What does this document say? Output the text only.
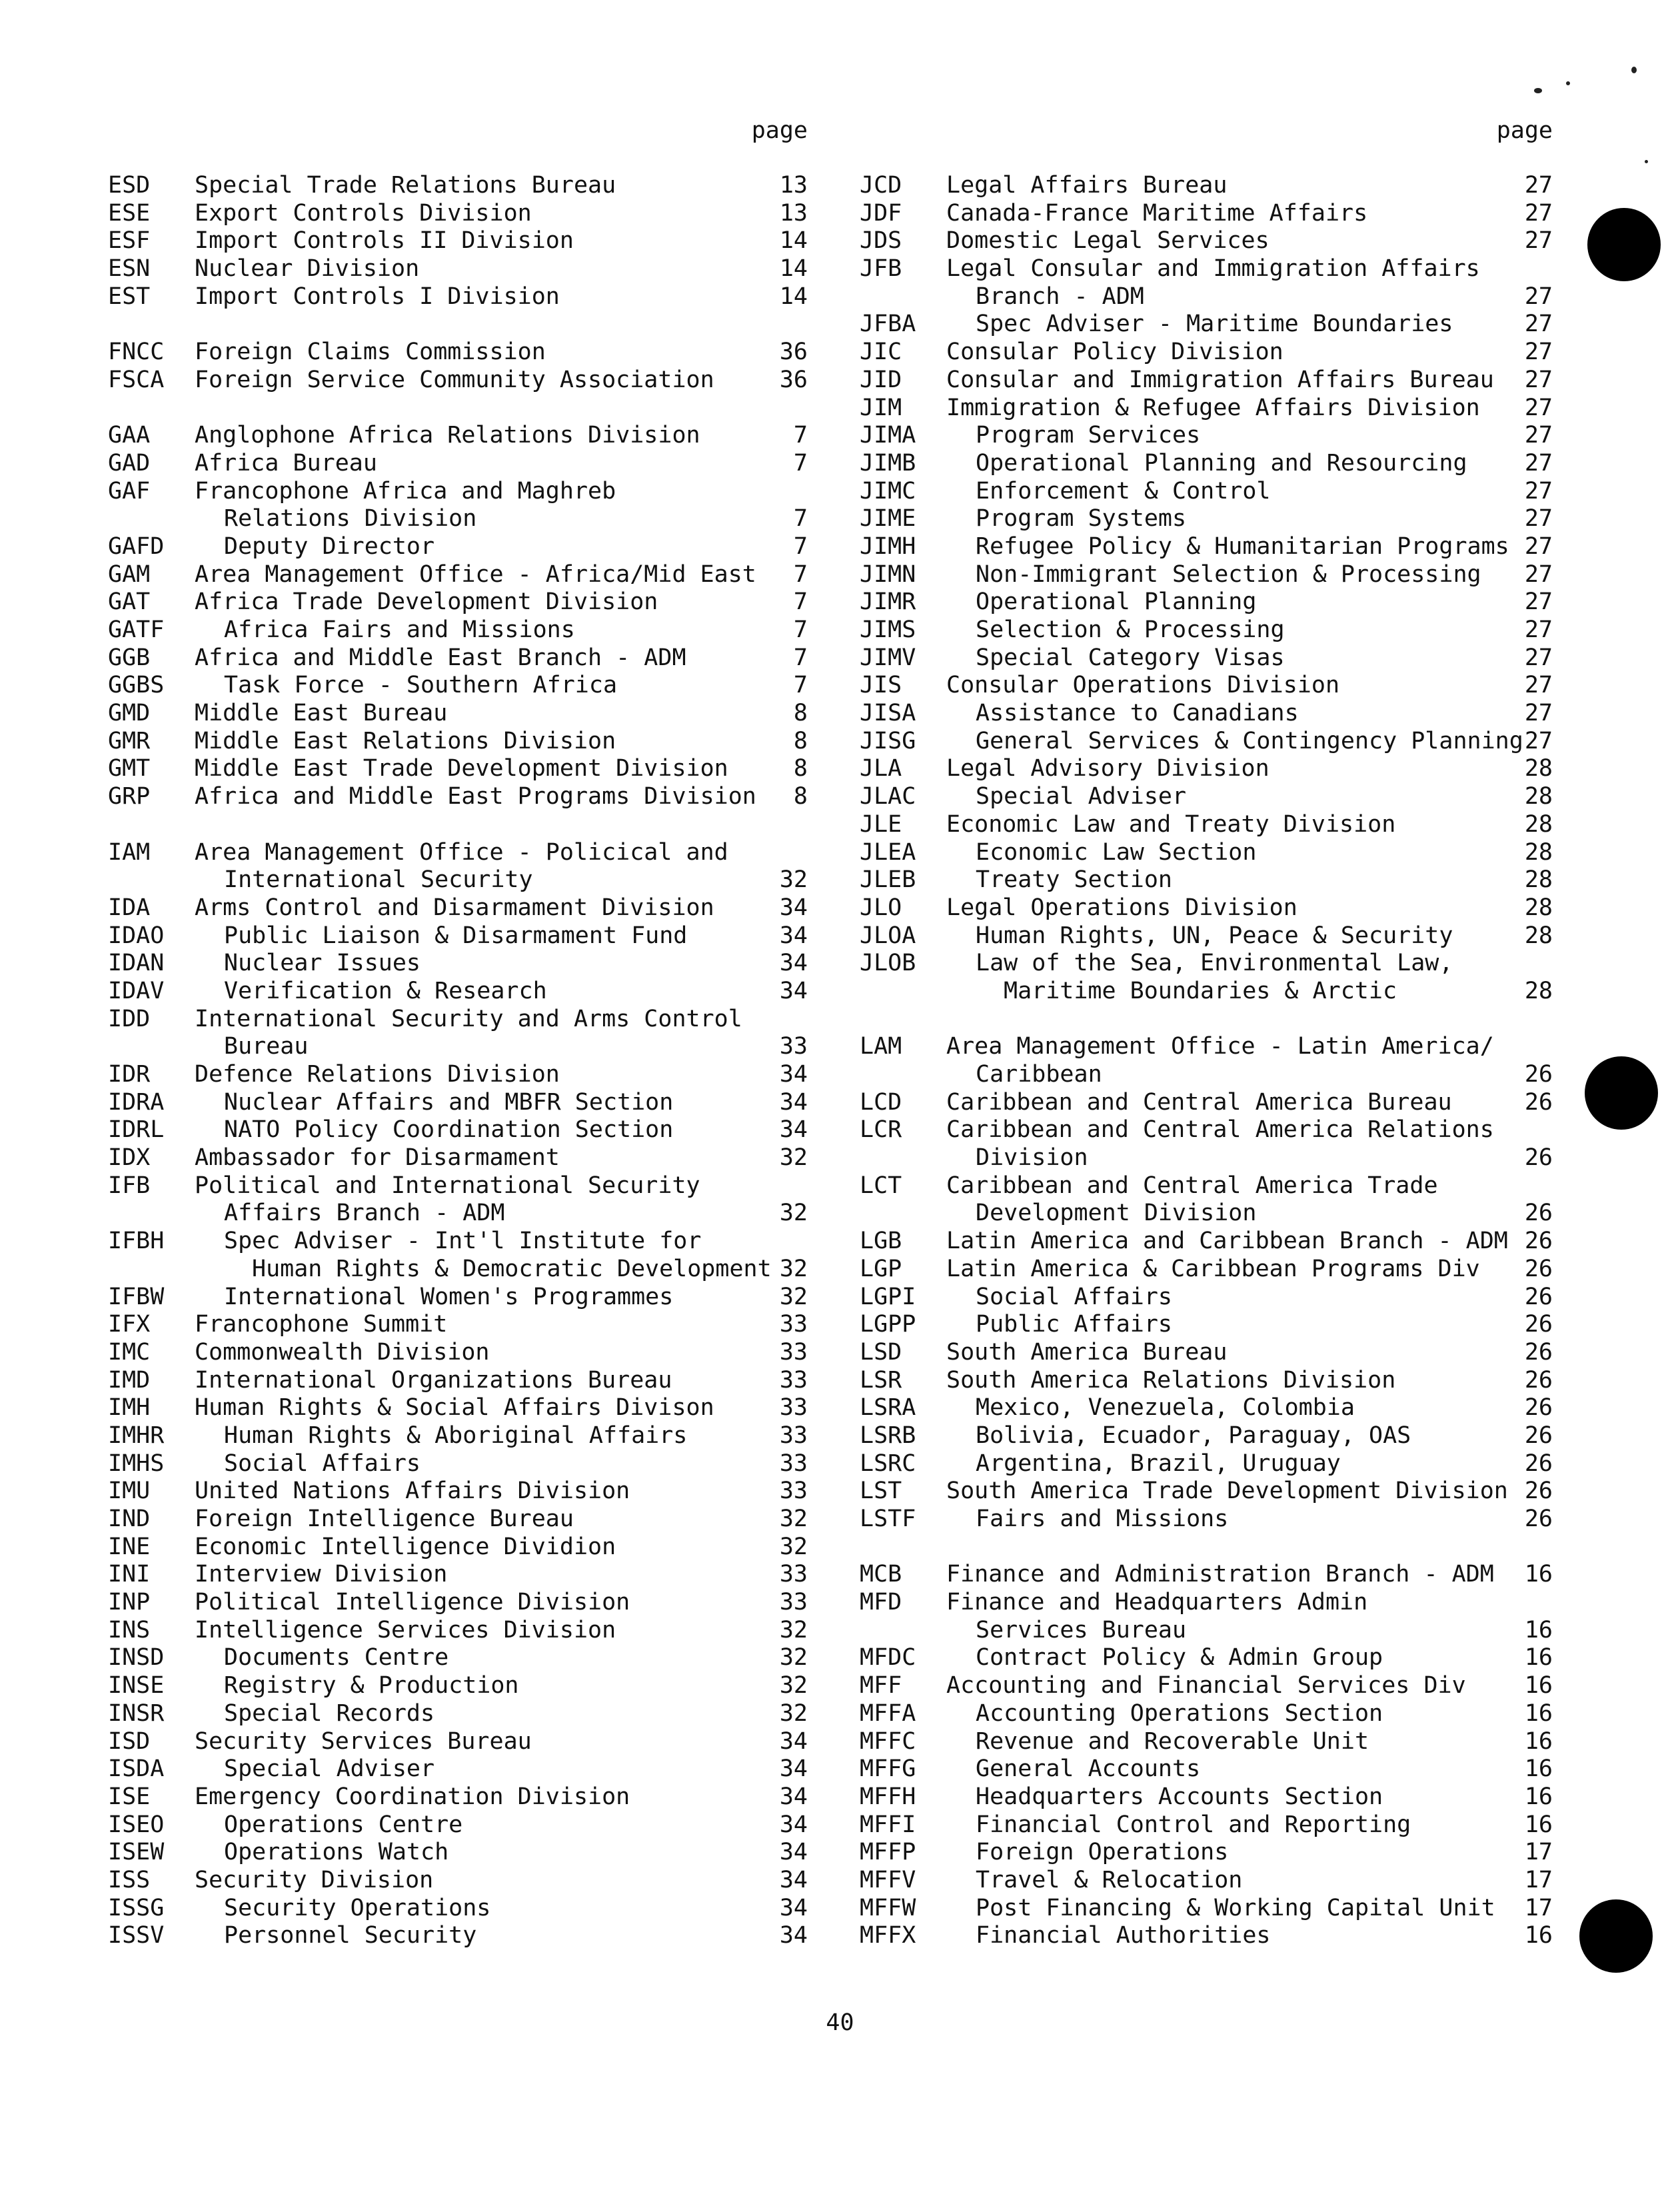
page
ESD Special Trade Relations Bureau	13
ESE Export Controls Division	13
ESF Import Controls II Division	14
ESN Nuclear Division	14
EST Import Controls I Division	14
FNCC Foreign Claims Commission	36
FSCA Foreign Service Community Association	36
GAA Anglophone Africa Relations Division	7
GAD Africa Bureau	7
GAF Francophone Africa and Maghreb
Relations Division	7
GAFD	Deputy Director	7
GAM Area Management Office - Africa/Mid East 7
GAT Africa Trade Development Division	7
GATF	Africa Fairs and Missions	7
GGB Africa and Middle East Branch - ADM	7
GGBS	Task Force - Southern Africa	7
GMD Middle East Bureau	8
GMR Middle East Relations Division	8
GMT Middle East Trade Development Division	8
GRP Africa and Middle East Programs Division 8
IAM Area Management Office - Policical and
International Security	32
IDA Arms Control and Disarmament Division	34
IDAO	Public Liaison & Disarmament Fund	34
IDAN	Nuclear Issues	34
IDAV	Verification & Research	34
IDD International Security and Arms Control
Bureau	33
IDR Defence Relations Division	34
IDRA	Nuclear Affairs and MBFR Section	34
IDRL	NATO Policy Coordination Section	34
IDX Ambassador for Disarmament	32
IFB Political and International Security
Affairs Branch - ADM	32
IFBH	Spec Adviser - Int'l Institute for
Human Rights & Democratic Development 32
IFBW	International Women's Programmes	32
IFX Francophone Summit	33
IMC Commonwealth Division	33
IMD International Organizations Bureau	33
IMH Human Rights & Social Affairs Divison	33
IMHR	Human Rights & Aboriginal Affairs	33
IMHS	Social Affairs	33
IMU United Nations Affairs Division	33
IND Foreign Intelligence Bureau	32
INE Economic Intelligence Dividion	32
INI Interview Division	33
INP Political Intelligence Division	33
INS Intelligence Services Division	32
INSD	Documents Centre	32
INSE	Registry & Production	32
INSR	Special Records	32
ISD Security Services Bureau	34
ISDA	Special Adviser	34
ISE Emergency Coordination Division	34
ISEO	Operations Centre	34
ISEW	Operations Watch	34
ISS Security Division	34
ISSG	Security Operations	34
ISSV	Personnel Security	34
page
JCD Legal Affairs Bureau	27
JDF Canada-France Maritime Affairs	27
JDS Domestic Legal Services	27
JFB Legal Consular and Immigration Affairs
Branch - ADM	27
JFBA	Spec Adviser - Maritime Boundaries	27
JIC Consular Policy Division	27
JID Consular and Immigration Affairs Bureau 27
JIM Immigration & Refugee Affairs Division 27
JIMA	Program Services	27
JIMB	Operational Planning and Resourcing 27
JIMC	Enforcement & Control	27
JIME	Program Systems	27
JIMH	Refugee Policy & Humanitarian Programs 27
JIMN	Non-Immigrant Selection & Processing 27
JIMR	Operational Planning	27
JIMS	Selection & Processing	27
JIMV	Special Category Visas	27
JIS Consular Operations Division	27
JISA	Assistance to Canadians	27
JISG	General Services & Contingency Planning 27
JLA Legal Advisory Division	28
JLAC	Special Adviser	28
JLE Economic Law and Treaty Division	28
JLEA	Economic Law Section	28
JLEB	Treaty Section	28
JLO Legal Operations Division	28
JLOA	Human Rights, UN, Peace & Security	28
JLOB	Law of the Sea, Environmental Law,
Maritime Boundaries & Arctic	28
LAM Area Management Office - Latin America/
Caribbean	26
LCD Caribbean and Central America Bureau	26
LCR Caribbean and Central America Relations
Division	26
LCT Caribbean and Central America Trade
Development Division	26
LGB Latin America and Caribbean Branch - ADM 26
LGP Latin America & Caribbean Programs Div 26
LGPI	Social Affairs	26
LGPP	Public Affairs	26
LSD South America Bureau	26
LSR South America Relations Division	26
LSRA	Mexico, Venezuela, Colombia	26
LSRB	Bolivia, Ecuador, Paraguay, OAS	26
LSRC	Argentina, Brazil, Uruguay	26
LST South America Trade Development Division 26
LSTF	Fairs and Missions	26
MCB Finance and Administration Branch - ADM 16
MFD Finance and Headquarters Admin
Services Bureau	16
MFDC	Contract Policy & Admin Group	16
MFF Accounting and Financial Services Div	16
MFFA	Accounting Operations Section	16
MFFC	Revenue and Recoverable Unit	16
MFFG	General Accounts	16
MFFH	Headquarters Accounts Section	16
MFFI	Financial Control and Reporting	16
MFFP	Foreign Operations	17
MFFV	Travel & Relocation	17
MFFW	Post Financing & Working Capital Unit 17
MFFX	Financial Authorities	16
40
